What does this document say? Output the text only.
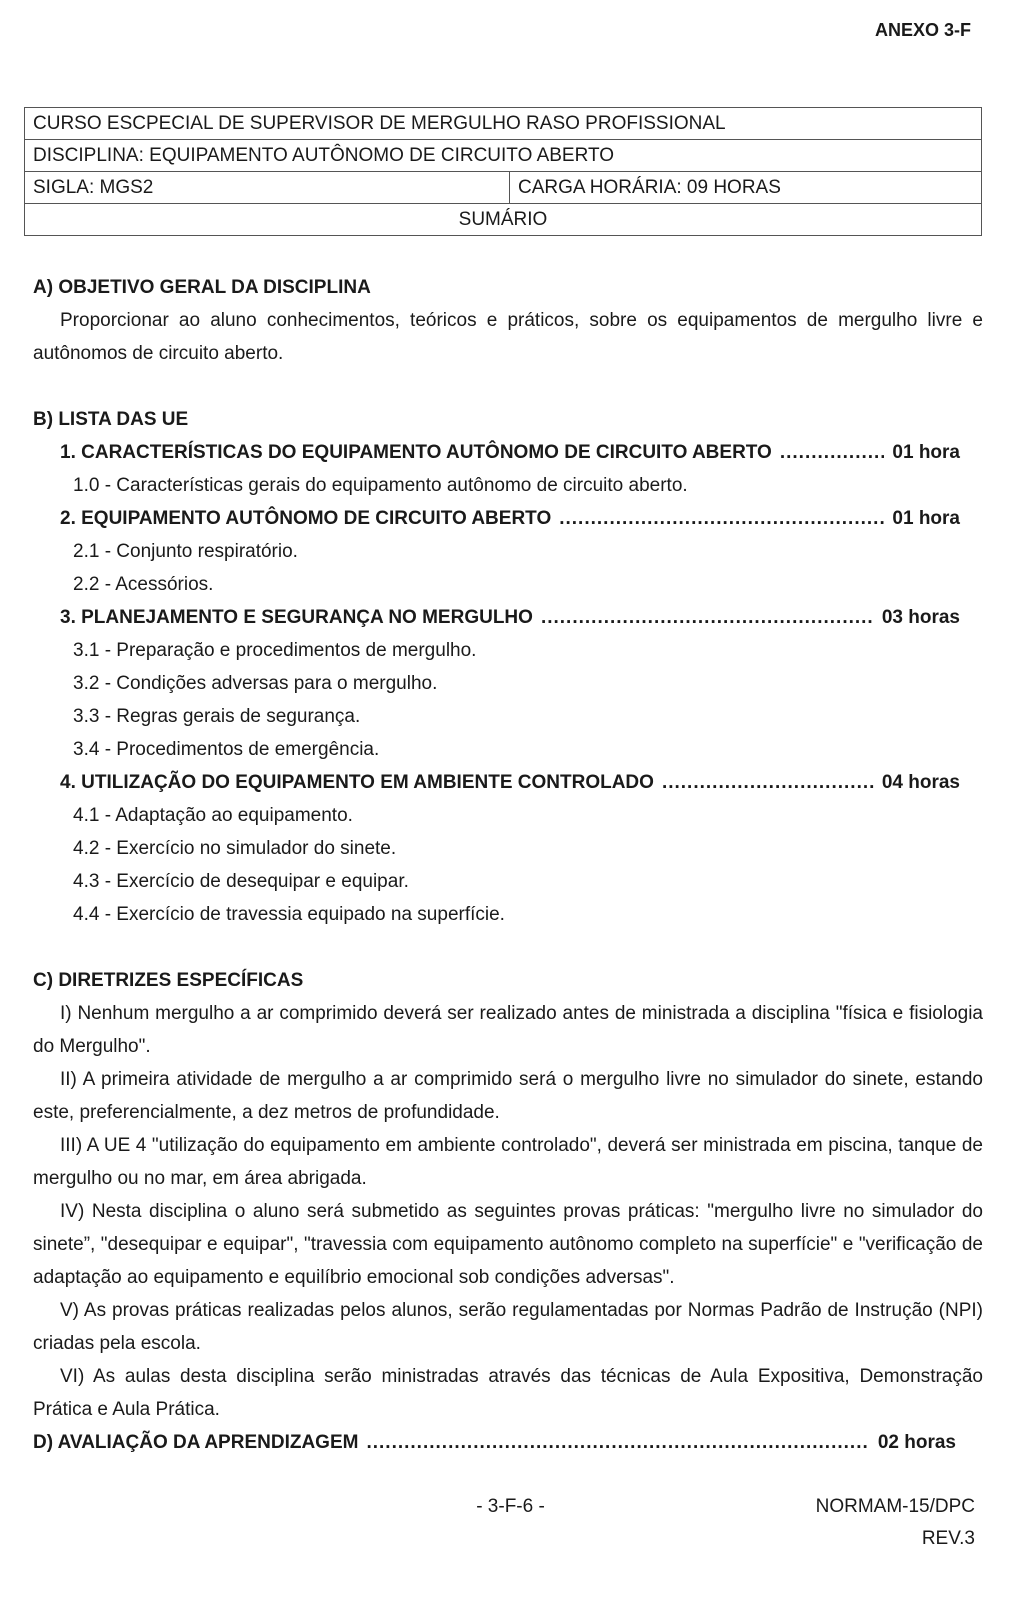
ANEXO 3-F
CURSO ESCPECIAL DE SUPERVISOR DE MERGULHO RASO PROFISSIONAL
DISCIPLINA: EQUIPAMENTO AUTÔNOMO DE CIRCUITO ABERTO
SIGLA: MGS2	CARGA HORÁRIA: 09 HORAS
SUMÁRIO
A) OBJETIVO GERAL DA DISCIPLINA
Proporcionar ao aluno conhecimentos, teóricos e práticos, sobre os equipamentos de mergulho livre e autônomos de circuito aberto.
B) LISTA DAS UE
1. CARACTERÍSTICAS DO EQUIPAMENTO AUTÔNOMO DE CIRCUITO ABERTO .....	01 hora
1.0 - Características gerais do equipamento autônomo de circuito aberto.
2. EQUIPAMENTO AUTÔNOMO DE CIRCUITO ABERTO .....	01 hora
2.1 - Conjunto respiratório.
2.2 - Acessórios.
3. PLANEJAMENTO E SEGURANÇA NO MERGULHO .....	03 horas
3.1 - Preparação e procedimentos de mergulho.
3.2 - Condições adversas para o mergulho.
3.3 - Regras gerais de segurança.
3.4 - Procedimentos de emergência.
4. UTILIZAÇÃO DO EQUIPAMENTO EM AMBIENTE CONTROLADO .....	04 horas
4.1 - Adaptação ao equipamento.
4.2 - Exercício no simulador do sinete.
4.3 - Exercício de desequipar e equipar.
4.4 - Exercício de travessia equipado na superfície.
C) DIRETRIZES ESPECÍFICAS
I) Nenhum mergulho a ar comprimido deverá ser realizado antes de ministrada a disciplina "física e fisiologia do Mergulho".
II) A primeira atividade de mergulho a ar comprimido será o mergulho livre no simulador do sinete, estando este, preferencialmente, a dez metros de profundidade.
III) A UE 4 "utilização do equipamento em ambiente controlado", deverá ser ministrada em piscina, tanque de mergulho ou no mar, em área abrigada.
IV) Nesta disciplina o aluno será submetido as seguintes provas práticas: "mergulho livre no simulador do sinete”, "desequipar e equipar", "travessia com equipamento autônomo completo na superfície" e "verificação de adaptação ao equipamento e equilíbrio emocional sob condições adversas".
V) As provas práticas realizadas pelos alunos, serão regulamentadas por Normas Padrão de Instrução (NPI) criadas pela escola.
VI) As aulas desta disciplina serão ministradas através das técnicas de Aula Expositiva, Demonstração Prática e Aula Prática.
D) AVALIAÇÃO DA APRENDIZAGEM .....	02 horas
- 3-F-6 -	NORMAM-15/DPC
REV.3
